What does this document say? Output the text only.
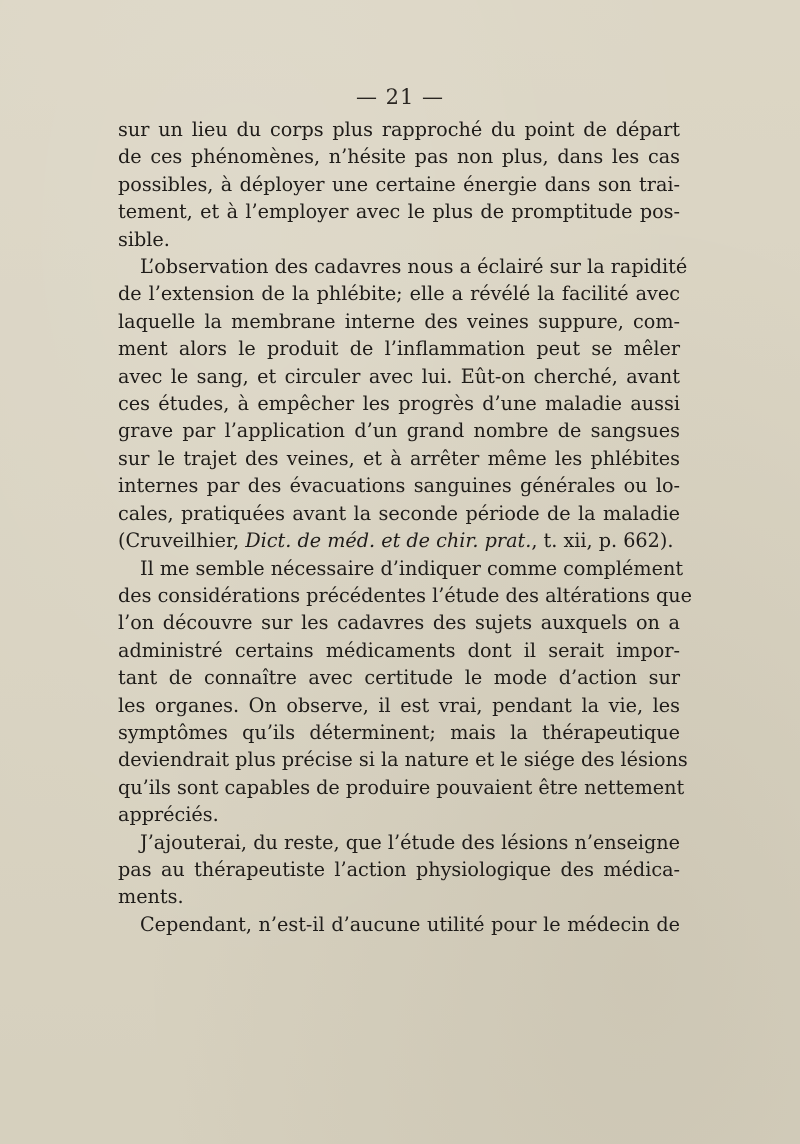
— 21 —
sur un lieu du corps plus rapproché du point de départ
de ces phénomènes, n’hésite pas non plus, dans les cas
possibles, à déployer une certaine énergie dans son trai-
tement, et à l’employer avec le plus de promptitude pos-
sible.
L’observation des cadavres nous a éclairé sur la rapidité
de l’extension de la phlébite; elle a révélé la facilité avec
laquelle la membrane interne des veines suppure, com-
ment alors le produit de l’inflammation peut se mêler
avec le sang, et circuler avec lui. Eût-on cherché, avant
ces études, à empêcher les progrès d’une maladie aussi
grave par l’application d’un grand nombre de sangsues
sur le trajet des veines, et à arrêter même les phlébites
internes par des évacuations sanguines générales ou lo-
cales, pratiquées avant la seconde période de la maladie
(Cruveilhier, Dict. de méd. et de chir. prat., t. xii, p. 662).
Il me semble nécessaire d’indiquer comme complément
des considérations précédentes l’étude des altérations que
l’on découvre sur les cadavres des sujets auxquels on a
administré certains médicaments dont il serait impor-
tant de connaître avec certitude le mode d’action sur
les organes. On observe, il est vrai, pendant la vie, les
symptômes qu’ils déterminent; mais la thérapeutique
deviendrait plus précise si la nature et le siége des lésions
qu’ils sont capables de produire pouvaient être nettement
appréciés.
J’ajouterai, du reste, que l’étude des lésions n’enseigne
pas au thérapeutiste l’action physiologique des médica-
ments.
Cependant, n’est-il d’aucune utilité pour le médecin de
